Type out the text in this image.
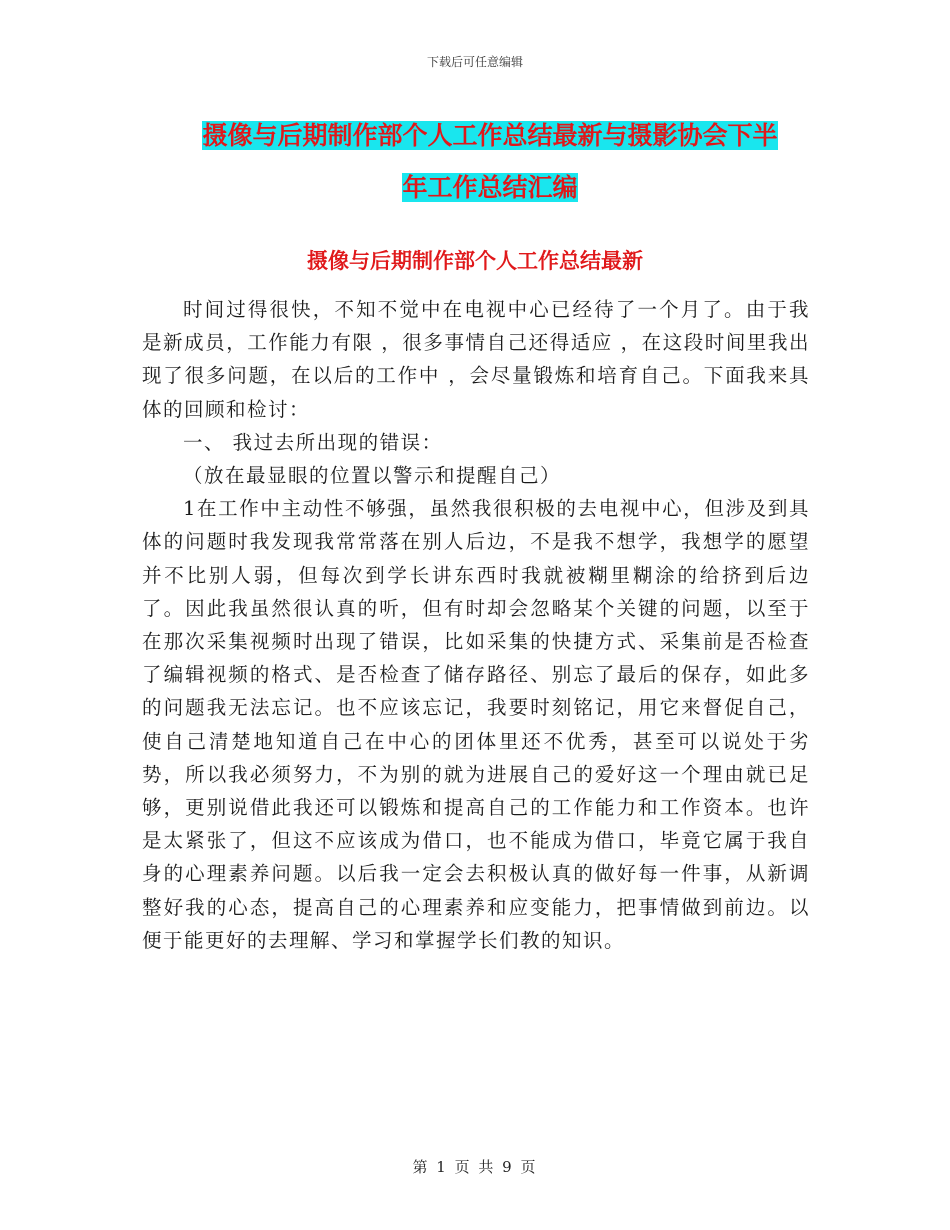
下载后可任意编辑
摄像与后期制作部个人工作总结最新与摄影协会下半
年工作总结汇编
摄像与后期制作部个人工作总结最新

时间过得很快，不知不觉中在电视中心已经待了一个月了。由于我是新成员，工作能力有限 ，很多事情自己还得适应 ，在这段时间里我出现了很多问题，在以后的工作中 ，会尽量锻炼和培育自己。下面我来具体的回顾和检讨：

一、 我过去所出现的错误：

（放在最显眼的位置以警示和提醒自己）

1在工作中主动性不够强，虽然我很积极的去电视中心，但涉及到具体的问题时我发现我常常落在别人后边，不是我不想学，我想学的愿望并不比别人弱，但每次到学长讲东西时我就被糊里糊涂的给挤到后边了。因此我虽然很认真的听，但有时却会忽略某个关键的问题，以至于在那次采集视频时出现了错误，比如采集的快捷方式、采集前是否检查了编辑视频的格式、是否检查了储存路径、别忘了最后的保存，如此多的问题我无法忘记。也不应该忘记，我要时刻铭记，用它来督促自己，使自己清楚地知道自己在中心的团体里还不优秀，甚至可以说处于劣势，所以我必须努力，不为别的就为进展自己的爱好这一个理由就已足够，更别说借此我还可以锻炼和提高自己的工作能力和工作资本。也许是太紧张了，但这不应该成为借口，也不能成为借口，毕竟它属于我自身的心理素养问题。以后我一定会去积极认真的做好每一件事，从新调整好我的心态，提高自己的心理素养和应变能力，把事情做到前边。以便于能更好的去理解、学习和掌握学长们教的知识。

第 1 页 共 9 页
